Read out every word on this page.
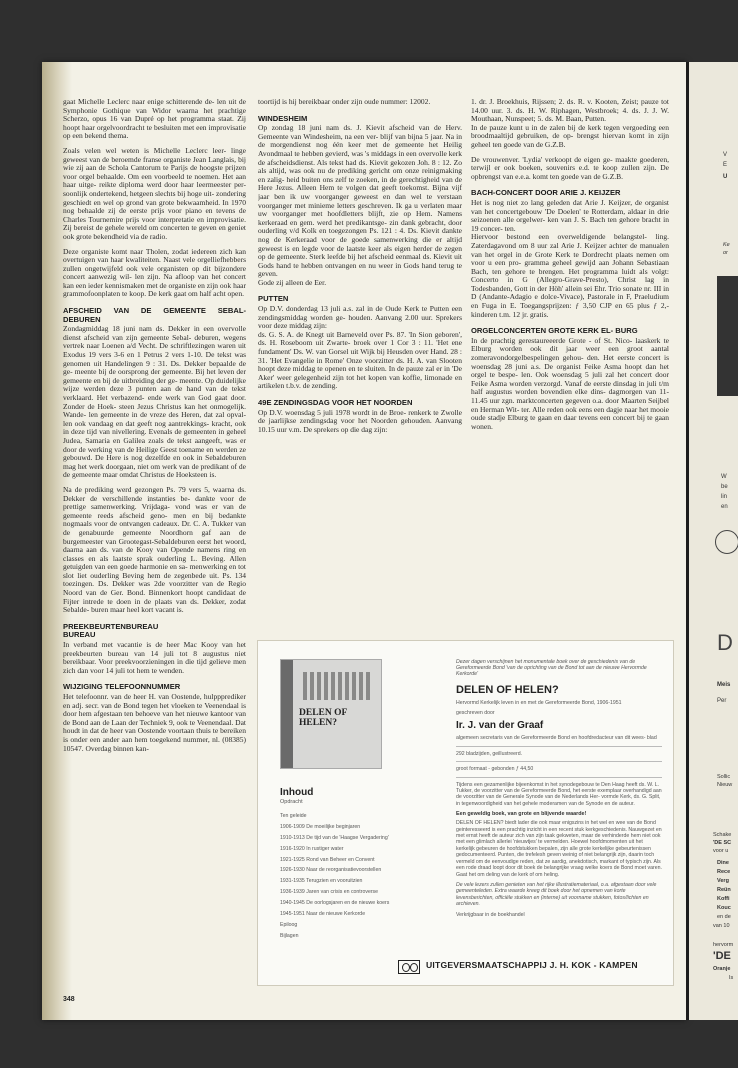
gaat Michelle Leclerc naar enige schitterende de- len uit de Symphonie Gothique van Widor waarna het prachtige Scherzo, opus 16 van Dupré op het programma staat. Zij hoopt haar orgelvoordracht te besluiten met een improvisatie op een bekend thema.

Zoals velen wel weten is Michelle Leclerc leer- linge geweest van de beroemde franse organiste Jean Langlais, bij wie zij aan de Schola Cantorum te Parijs de hoogste prijzen voor orgel behaalde. Om een voorbeeld te noemen. Het aan haar uitge- reikte diploma werd door haar leermeester per- soonlijk ondertekend, hetgeen slechts bij hoge uit- zondering geschiedt en wel op grond van grote bekwaamheid. In 1970 nog behaalde zij de eerste prijs voor piano en tevens de Charles Tournemire prijs voor interpretatie en improvisatie. Zij bereist de gehele wereld om concerten te geven en geniet ook grote bekendheid via de radio.

Deze organiste komt naar Tholen, zodat iedereen zich kan overtuigen van haar kwaliteiten. Naast vele orgelliefhebbers zullen ongetwijfeld ook vele organisten op dit bijzondere concert aanwezig wil- len zijn. Na afloop van het concert kan een ieder kennismaken met de organiste en zijn ook haar grammofoonplaten te koop. De kerk gaat om half acht open.

AFSCHEID VAN DE GEMEENTE SEBAL- DEBUREN

Zondagmiddag 18 juni nam ds. Dekker in een overvolle dienst afscheid van zijn gemeente Sebal- deburen, wegens vertrek naar Loenen a/d Vecht. De schriftlezingen waren uit Exodus 19 vers 3-6 en 1 Petrus 2 vers 1-10. De tekst was genomen uit Handelingen 9 : 31. Ds. Dekker bepaalde de ge- meente bij de oorsprong der gemeente. Bij het leven der gemeente en bij de uitbreiding der ge- meente. Op duidelijke wijze werden deze 3 punten aan de hand van de tekst verklaard. Het verbazend- ende werk van God gaat door. Zonder de Hoek- steen Jezus Christus kan het onmogelijk. Wande- len gemeente in de vreze des Heren, dat zal opval- len ook vandaag en dat geeft nog aantrekkings- kracht, ook in deze tijd van nivellering. Evenals de gemeenten in geheel Judea, Samaria en Galilea zoals de tekst aangeeft, was er door de werking van de Heilige Geest toename en werden ze gebouwd. De Here is nog dezelfde en ook in Sebaldeburen mag het werk doorgaan, niet om werk van de predikant of de de gemeente maar omdat Christus de Hoeksteen is.

Na de prediking werd gezongen Ps. 79 vers 5, waarna ds. Dekker de verschillende instanties be- dankte voor de prettige samenwerking. Vrijdaga- vond was er van de gemeente reeds afscheid geno- men en bij bedankte nogmaals voor de ontvangen cadeaux. Dr. C. A. Tukker van de genabuurde gemeente Noordhorn gaf aan de burgemeester van Grootegast-Sebaldeburen eerst het woord, daarna aan ds. van de Kooy van Opende namens ring en classes en als laatste sprak ouderling L. Beving. Allen getuigden van een goede harmonie en sa- menwerking en tot slot liet ouderling Beving hem de zegenbede uit. Ps. 134 toezingen. Ds. Dekker was 2de voorzitter van de Regio Noord van de Ger. Bond. Binnenkort hoopt candidaat de Fijter intrede te doen in de plaats van ds. Dekker, zodat Sebalde- buren maar heel kort vacant is.

PREEKBEURTENBUREAU
BUREAU

In verband met vacantie is de heer Mac Kooy van het preekbeurten bureau van 14 juli tot 8 augustus niet bereikbaar. Voor preekvoorzieningen in die tijd gelieve men zich dan voor 14 juli tot hem te wenden.

WIJZIGING TELEFOONNUMMER

Het telefoonnr. van de heer H. van Oostende, hulppprediker en adj. secr. van de Bond tegen het vloeken te Veenendaal is door hem afgestaan ten behoeve van het nieuwe kantoor van de Bond aan de Laan der Techniek 9, ook te Veenendaal. Dat houdt in dat de heer van Oostende voortaan thuis te bereiken is onder een ander aan hem toegekend nummer, nl. (08385) 10547. Overdag binnen kan-

toortijd is hij bereikbaar onder zijn oude nummer: 12002.

WINDESHEIM

Op zondag 18 juni nam ds. J. Kievit afscheid van de Herv. Gemeente van Windesheim, na een ver- blijf van bijna 5 jaar. Na in de morgendienst nog één keer met de gemeente het Heilig Avondmaal te hebben gevierd, was 's middags in een overvolle kerk de afscheidsdienst. Als tekst had ds. Kievit gekozen Joh. 8 : 12. Zo als altijd, was ook nu de prediking gericht om onze reinigmaking en zalig- heid buiten ons zelf te zoeken, in de gerechtigheid van de Here Jezus. Alleen Hem te volgen dat geeft toekomst. Bijna vijf jaar ben ik uw voorganger geweest en dan wel te verstaan voorganger met minieme letters geschreven. Ik ga u verlaten maar uw voorganger met hoofdletters blijft, zie op Hem. Namens kerkeraad en gem. werd het predikantsge- zin dank gebracht, door ouderling v/d Kolk en toegezongen Ps. 121 : 4. Ds. Kievit dankte nog de Kerkeraad voor de goede samenwerking die er altijd geweest is en legde voor de laatste keer als eigen herder de zegen op de gemeente. Sterk leefde bij het afscheid eenmaal ds. Kievit uit Gods hand te hebben ontvangen en nu weer in Gods hand terug te geven.

Gode zij alleen de Eer.

PUTTEN

Op D.V. donderdag 13 juli a.s. zal in de Oude Kerk te Putten een zendingsmiddag worden ge- houden. Aanvang 2.00 uur. Sprekers voor deze middag zijn:

ds. G. S. A. de Knegt uit Barneveld over Ps. 87. 'In Sion geboren', ds. H. Roseboom uit Zwarte- broek over 1 Cor 3 : 11. 'Het ene fundament' Ds. W. van Gorsel uit Wijk bij Heusden over Hand. 28 : 31. 'Het Evangelie in Rome' Onze voorzitter ds. H. A. van Slooten hoopt deze middag te openen en te sluiten. In de pauze zal er in 'De Aker' weer gelegenheid zijn tot het kopen van koffie, limonade en artikelen t.b.v. de zending.

49E ZENDINGSDAG VOOR HET NOORDEN

Op D.V. woensdag 5 juli 1978 wordt in de Broe- renkerk te Zwolle de jaarlijkse zendingsdag voor het Noorden gehouden. Aanvang 10.15 uur v.m. De sprekers op die dag zijn:

1. dr. J. Broekhuis, Rijssen; 2. ds. R. v. Kooten, Zeist; pauze tot 14.00 uur. 3. ds. H. W. Riphagen, Westbroek; 4. ds. J. J. W. Mouthaan, Nunspeet; 5. ds. M. Baan, Putten.

In de pauze kunt u in de zalen bij de kerk tegen vergoeding een broodmaaltijd gebruiken, de op- brengst hiervan komt in zijn geheel ten goede van de G.Z.B.

De vrouwenver. 'Lydia' verkoopt de eigen ge- maakte goederen, terwijl er ook boeken, souvenirs e.d. te koop zullen zijn. De opbrengst van e.e.a. komt ten goede van de G.Z.B.

BACH-CONCERT DOOR ARIE J. KEIJZER

Het is nog niet zo lang geleden dat Arie J. Keijzer, de organist van het concertgebouw 'De Doelen' te Rotterdam, aldaar in drie seizoenen alle orgelwer- ken van J. S. Bach ten gehore bracht in 19 concer- ten.

Hiervoor bestond een overweldigende belangstel- ling. Zaterdagavond om 8 uur zal Arie J. Keijzer achter de manualen van het orgel in de Grote Kerk te Dordrecht plaats nemen om voor u een pro- gramma geheel gewijd aan Johann Sebastiaan Bach, ten gehore te brengen. Het programma luidt als volgt: Concerto in G (Allegro-Grave-Presto), Christ lag in Todesbanden, Gott in der Höh' allein sei Ehr. Trio sonate nr. III in D (Andante-Adagio e dolce-Vivace), Pastorale in F, Praeludium en Fuga in E. Toegangsprijzen: ƒ 3,50 CJP en 65 plus ƒ 2,- kinderen t.m. 12 jr. gratis.

ORGELCONCERTEN GROTE KERK EL- BURG

In de prachtig gerestaureeerde Grote - of St. Nico- laaskerk te Elburg worden ook dit jaar weer een groot aantal zomeravondorgelbespelingen gehou- den. Het eerste concert is woensdag 28 juni a.s. De organist Feike Asma hoopt dan het orgel te bespe- len. Ook woensdag 5 juli zal het concert door Feike Asma worden verzorgd. Vanaf de eerste dinsdag in juli t/m half augustus worden bovendien elke dins- dagmorgen van 11-11.45 uur zgn. marktconcerten gegeven o.a. door Maarten Seijbel en Herman Wit- ter. Alle reden ook eens een dagje naar het mooie oude stadje Elburg te gaan en daar tevens een concert bij te gaan wonen.

DELEN OF HELEN?
Inhoud
Opdracht
Ten geleide
1906-1909 De moeilijke beginjaren
1910-1913 De tijd van de 'Haagse Vergadering'
1916-1920 In rustiger water
1921-1925 Rond van Beheer en Convent
1926-1930 Naar de reorganisatievoorstellen
1931-1935 Terugzien en vooruitzien
1936-1939 Jaren van crisis en controverse
1940-1945 De oorlogsjaren en de nieuwe koers
1945-1951 Naar de nieuwe Kerkorde
Epiloog
Bijlagen
Dezer dagen verschijnen het monumentale boek over de geschiedenis van de Gereformeerde Bond 'van de oprichting van de Bond tot aan de nieuwe Hervormde Kerkorde'
DELEN OF HELEN?
Hervormd Kerkelijk leven in en met de Gereformeerde Bond, 1906-1951
geschreven door
Ir. J. van der Graaf
algemeen secretaris van de Gereformeerde Bond en hoofdredacteur van dit wees- blad
292 bladzijden, geillustreerd.
groot formaat - gebonden ƒ 44,50
Tijdens een gezamenlijke bijeenkomst in het synodegebouw te Den Haag heeft ds. W. L. Tukker, de voorzitter van de Gereformeerde Bond, het eerste exemplaar overhandigd aan de voorzitter van de Generale Synode van de Nederlands Her- vormde Kerk, ds. G. Split, in tegenwoordigheid van het gehele moderamen van de Synode en de auteur.
Een geweldig boek, van grote en blijvende waarde!
DELEN OF HELEN? biedt lader die ook maar enigszins in het wel en wee van de Bond geinteresseerd is een prachtig inzicht in een recent stuk kerkgeschiedenis. Nauwgezet en met ernst heeft de auteur zich van zijn taak gekweten, maar de verhinderde hem niet ook met een glimlach allerlei 'nieuwtjes' te vermelden. Hoewel hoofdmomenten uit het kerkelijk gebeuren de hoofdstukken bepalen, zijn alle grote kerkelijke gebeurtenissen gedocumenteerd. Punten, die trefelesh geven weinig of niet belangrijk zijn, daarin toch vermeld om de eenvoudige reden, dat ze aardig, anekdotisch, markant of typisch zijn. Als een rode draad loopt door dit boek de belangrijke vraag welke koers de Bond moet varen. Gaat het om deling van de kerk of om heling.
De vele lezers zullen genieten van het rijke illustratiemateriaal, o.a. afgestaan door vele gemeenteleden. Extra waarde kreeg dit boek door het opnemen van korte levensberichten, officiële stukken en (interne) uit voorname stukken, fotos/lichten en archieven.
Verkrijgbaar in de boekhandel
UITGEVERSMAATSCHAPPIJ J. H. KOK - KAMPEN
348
V
E
U
Ke
or
W
be
lin
en
D
Meis
Per
Sollic
Nieuw
Schake
'DE SC
voor u
Dine
Rece
Verg
Reün
Koffi
Kouc
en de
van 10
hervorm
'DE
Oranje
Is
